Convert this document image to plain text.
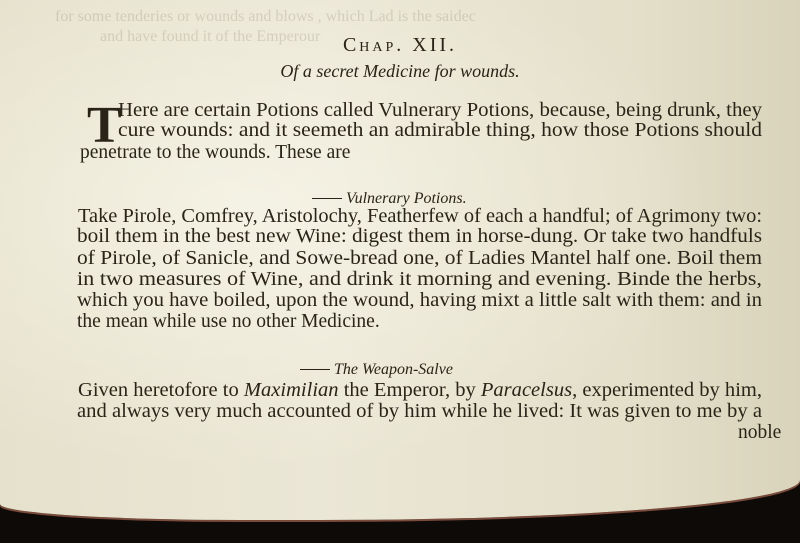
for some tenderies or wounds and blows , which Lad is the saidec
and have found it of the Emperour	Chap. XII.
Of a secret Medicine for wounds.
T
Here are certain Potions called Vulnerary Potions, because, being drunk, they
cure wounds: and it seemeth an admirable thing, how those Potions should
penetrate to the wounds. These are
Vulnerary Potions.
Take Pirole, Comfrey, Aristolochy, Featherfew of each a handful; of Agrimony two:
boil them in the best new Wine: digest them in horse-dung. Or take two handfuls
of Pirole, of Sanicle, and Sowe-bread one, of Ladies Mantel half one. Boil them
in two measures of Wine, and drink it morning and evening. Binde the herbs,
which you have boiled, upon the wound, having mixt a little salt with them: and in
the mean while use no other Medicine.
The Weapon-Salve
Given heretofore to Maximilian the Emperor, by Paracelsus, experimented by him,
and always very much accounted of by him while he lived: It was given to me by a
noble
